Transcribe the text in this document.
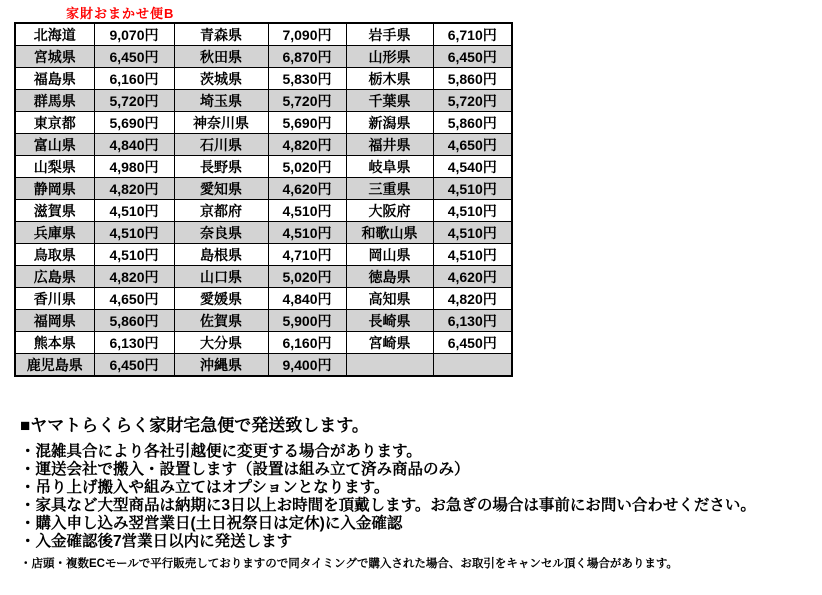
家財おまかせ便B
北海道	9,070円	青森県	7,090円	岩手県	6,710円
宮城県	6,450円	秋田県	6,870円	山形県	6,450円
福島県	6,160円	茨城県	5,830円	栃木県	5,860円
群馬県	5,720円	埼玉県	5,720円	千葉県	5,720円
東京都	5,690円	神奈川県	5,690円	新潟県	5,860円
富山県	4,840円	石川県	4,820円	福井県	4,650円
山梨県	4,980円	長野県	5,020円	岐阜県	4,540円
静岡県	4,820円	愛知県	4,620円	三重県	4,510円
滋賀県	4,510円	京都府	4,510円	大阪府	4,510円
兵庫県	4,510円	奈良県	4,510円	和歌山県	4,510円
鳥取県	4,510円	島根県	4,710円	岡山県	4,510円
広島県	4,820円	山口県	5,020円	徳島県	4,620円
香川県	4,650円	愛媛県	4,840円	高知県	4,820円
福岡県	5,860円	佐賀県	5,900円	長崎県	6,130円
熊本県	6,130円	大分県	6,160円	宮崎県	6,450円
鹿児島県	6,450円	沖縄県	9,400円		
■ヤマトらくらく家財宅急便で発送致します。
・混雑具合により各社引越便に変更する場合があります。
・運送会社で搬入・設置します（設置は組み立て済み商品のみ）
・吊り上げ搬入や組み立てはオプションとなります。
・家具など大型商品は納期に3日以上お時間を頂戴します。お急ぎの場合は事前にお問い合わせください。
・購入申し込み翌営業日(土日祝祭日は定休)に入金確認
・入金確認後7営業日以内に発送します
・店頭・複数ECモールで平行販売しておりますので同タイミングで購入された場合、お取引をキャンセル頂く場合があります。
